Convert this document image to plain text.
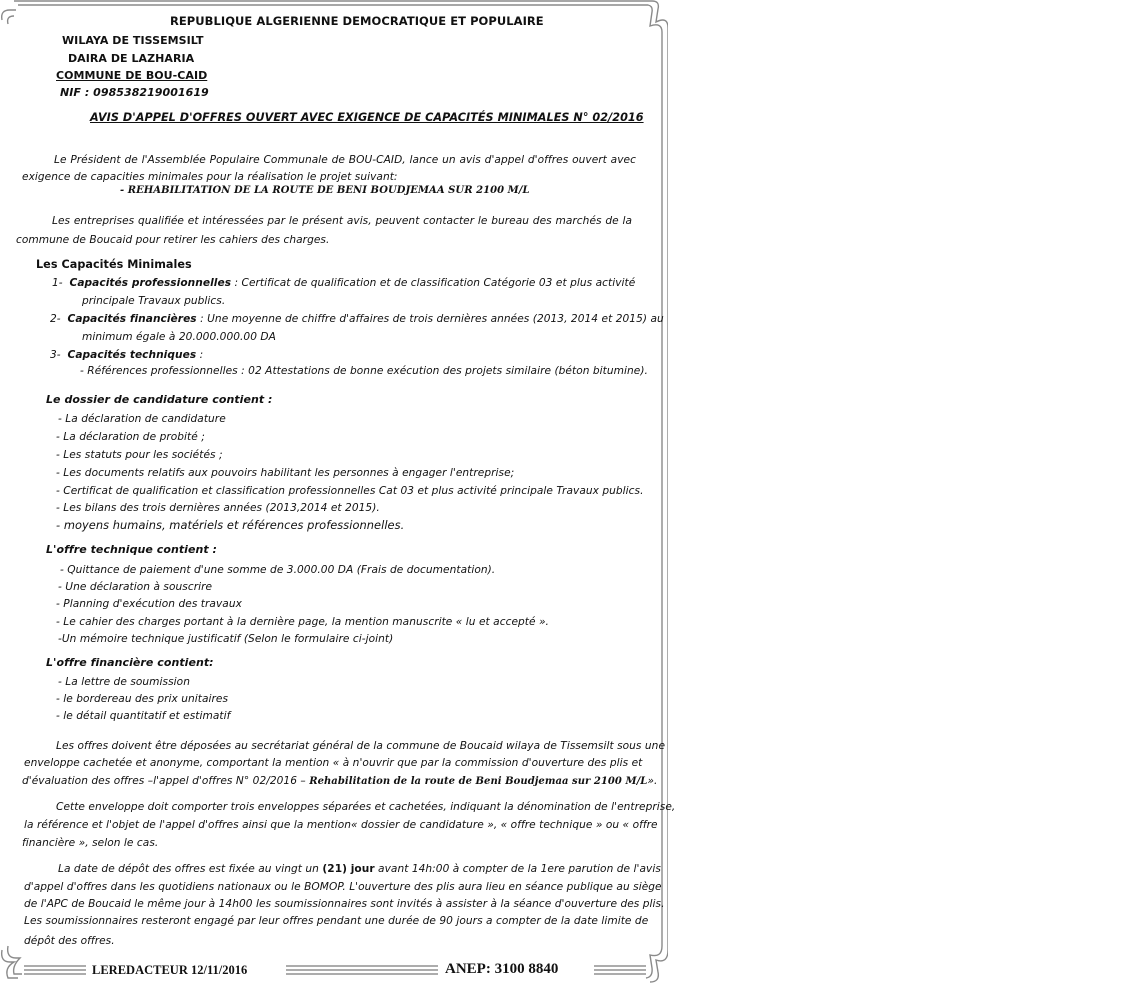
REPUBLIQUE ALGERIENNE DEMOCRATIQUE ET POPULAIRE
WILAYA DE TISSEMSILT
DAIRA DE LAZHARIA
COMMUNE DE BOU-CAID
NIF : 098538219001619
AVIS D'APPEL D'OFFRES OUVERT AVEC EXIGENCE DE CAPACITÉS MINIMALES N° 02/2016
Le Président de l'Assemblée Populaire Communale de BOU-CAID, lance un avis d'appel d'offres ouvert avec
exigence de capacities minimales pour la réalisation le projet suivant:
- REHABILITATION DE LA ROUTE DE BENI BOUDJEMAA SUR 2100 M/L
Les entreprises qualifiée et intéressées par le présent avis, peuvent contacter le bureau des marchés de la
commune de Boucaid pour retirer les cahiers des charges.
Les Capacités Minimales
1- Capacités professionnelles : Certificat de qualification et de classification Catégorie 03 et plus activité
principale Travaux publics.
2- Capacités financières : Une moyenne de chiffre d'affaires de trois dernières années (2013, 2014 et 2015) au
minimum égale à 20.000.000.00 DA
3- Capacités techniques :
- Références professionnelles : 02 Attestations de bonne exécution des projets similaire (béton bitumine).
Le dossier de candidature contient :
- La déclaration de candidature
- La déclaration de probité ;
- Les statuts pour les sociétés ;
- Les documents relatifs aux pouvoirs habilitant les personnes à engager l'entreprise;
- Certificat de qualification et classification professionnelles Cat 03 et plus activité principale Travaux publics.
- Les bilans des trois dernières années (2013,2014 et 2015).
- moyens humains, matériels et références professionnelles.
L'offre technique contient :
- Quittance de paiement d'une somme de 3.000.00 DA (Frais de documentation).
- Une déclaration à souscrire
- Planning d'exécution des travaux
- Le cahier des charges portant à la dernière page, la mention manuscrite « lu et accepté ».
-Un mémoire technique justificatif (Selon le formulaire ci-joint)
L'offre financière contient:
- La lettre de soumission
- le bordereau des prix unitaires
- le détail quantitatif et estimatif
Les offres doivent être déposées au secrétariat général de la commune de Boucaid wilaya de Tissemsilt sous une
enveloppe cachetée et anonyme, comportant la mention « à n'ouvrir que par la commission d'ouverture des plis et
d'évaluation des offres –l'appel d'offres N° 02/2016 – Rehabilitation de la route de Beni Boudjemaa sur 2100 M/L».
Cette enveloppe doit comporter trois enveloppes séparées et cachetées, indiquant la dénomination de l'entreprise,
la référence et l'objet de l'appel d'offres ainsi que la mention« dossier de candidature », « offre technique » ou « offre
financière », selon le cas.
La date de dépôt des offres est fixée au vingt un (21) jour avant 14h:00 à compter de la 1ere parution de l'avis
d'appel d'offres dans les quotidiens nationaux ou le BOMOP. L'ouverture des plis aura lieu en séance publique au siège
de l'APC de Boucaid le même jour à 14h00 les soumissionnaires sont invités à assister à la séance d'ouverture des plis.
Les soumissionnaires resteront engagé par leur offres pendant une durée de 90 jours a compter de la date limite de
dépôt des offres.
LEREDACTEUR 12/11/2016	ANEP: 3100 8840
